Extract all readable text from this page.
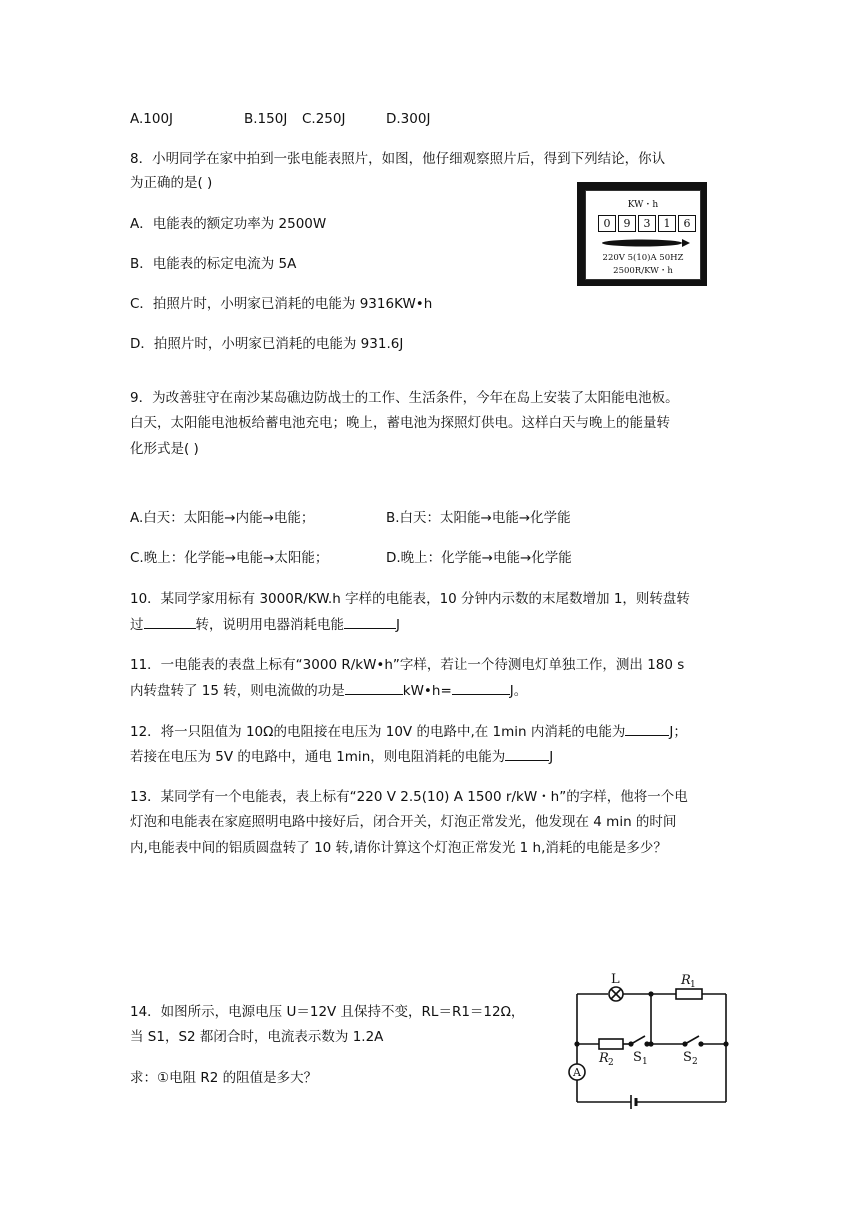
A.100J	B.150J C.250J	D.300J
8．小明同学在家中拍到一张电能表照片，如图，他仔细观察照片后，得到下列结论，你认
为正确的是( )
A．电能表的额定功率为 2500W
B．电能表的标定电流为 5A
C．拍照片时，小明家已消耗的电能为 9316KW•h
D．拍照片时，小明家已消耗的电能为 931.6J
KW・h
0	9	3	1	6
220V 5(10)A 50HZ
2500R/KW・h
9．为改善驻守在南沙某岛礁边防战士的工作、生活条件，今年在岛上安装了太阳能电池板。
白天，太阳能电池板给蓄电池充电；晚上，蓄电池为探照灯供电。这样白天与晚上的能量转
化形式是( )
A.白天：太阳能→内能→电能；	B.白天：太阳能→电能→化学能
C.晚上：化学能→电能→太阳能；	D.晚上：化学能→电能→化学能
10．某同学家用标有 3000R/KW.h 字样的电能表，10 分钟内示数的末尾数增加 1，则转盘转
过	转，说明用电器消耗电能	J
11．一电能表的表盘上标有“3000 R/kW•h”字样，若让一个待测电灯单独工作，测出 180 s
内转盘转了 15 转，则电流做的功是	kW•h=	J。
12．将一只阻值为 10Ω的电阻接在电压为 10V 的电路中,在 1min 内消耗的电能为	J；
若接在电压为 5V 的电路中，通电 1min，则电阻消耗的电能为	J
13．某同学有一个电能表，表上标有“220 V 2.5(10) A 1500 r/kW・h”的字样，他将一个电
灯泡和电能表在家庭照明电路中接好后，闭合开关，灯泡正常发光，他发现在 4 min 的时间
内,电能表中间的铝质圆盘转了 10 转,请你计算这个灯泡正常发光 1 h,消耗的电能是多少？
14．如图所示，电源电压 U＝12V 且保持不变，RL＝R1＝12Ω，
当 S1，S2 都闭合时，电流表示数为 1.2A
求：①电阻 R2 的阻值是多大？	A
L	R 1
R 2 S 1	S 2
